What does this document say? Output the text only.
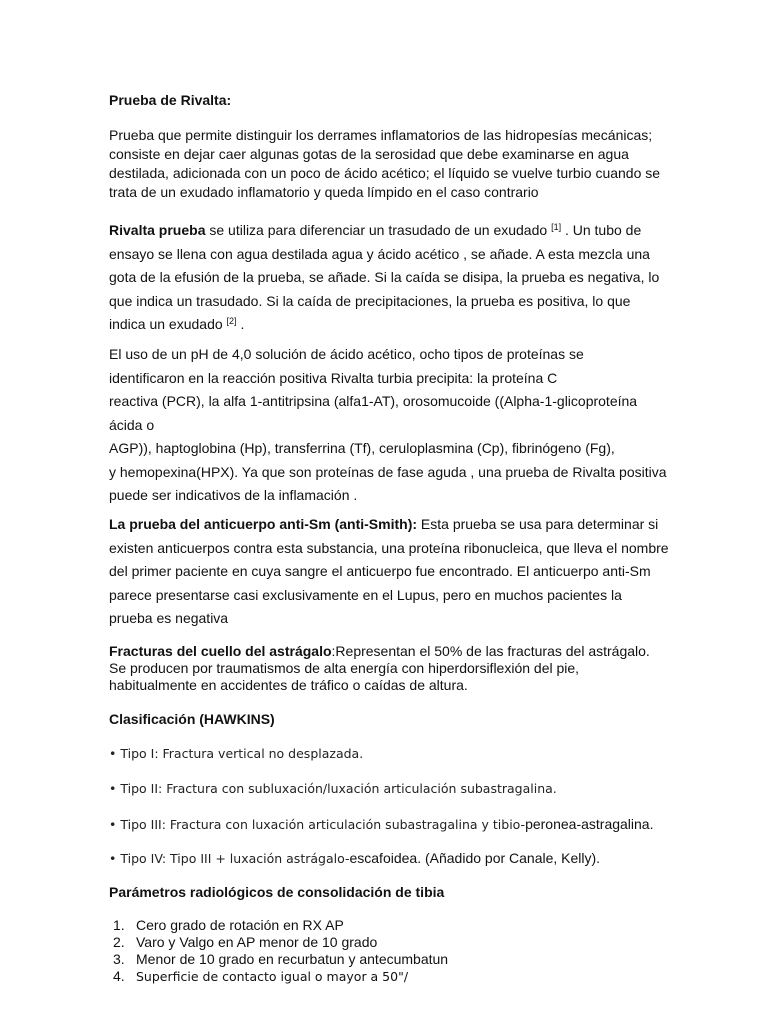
Prueba de Rivalta:

Prueba que permite distinguir los derrames inflamatorios de las hidropesías mecánicas; consiste en dejar caer algunas gotas de la serosidad que debe examinarse en agua destilada, adicionada con un poco de ácido acético; el líquido se vuelve turbio cuando se trata de un exudado inflamatorio y queda límpido en el caso contrario

Rivalta prueba se utiliza para diferenciar un trasudado de un exudado [1] . Un tubo de ensayo se llena con agua destilada agua y ácido acético , se añade. A esta mezcla una gota de la efusión de la prueba, se añade. Si la caída se disipa, la prueba es negativa, lo que indica un trasudado. Si la caída de precipitaciones, la prueba es positiva, lo que indica un exudado [2] .

El uso de un pH de 4,0 solución de ácido acético, ocho tipos de proteínas se
identificaron en la reacción positiva Rivalta turbia precipita: la proteína C
reactiva (PCR), la alfa 1-antitripsina (alfa1-AT), orosomucoide ((Alpha-1-glicoproteína ácida o
AGP)), haptoglobina (Hp), transferrina (Tf), ceruloplasmina (Cp), fibrinógeno (Fg),
y hemopexina(HPX). Ya que son proteínas de fase aguda , una prueba de Rivalta positiva puede ser indicativos de la inflamación .

La prueba del anticuerpo anti-Sm (anti-Smith): Esta prueba se usa para determinar si existen anticuerpos contra esta substancia, una proteína ribonucleica, que lleva el nombre del primer paciente en cuya sangre el anticuerpo fue encontrado. El anticuerpo anti-Sm parece presentarse casi exclusivamente en el Lupus, pero en muchos pacientes la prueba es negativa

Fracturas del cuello del astrágalo:Representan el 50% de las fracturas del astrágalo. Se producen por traumatismos de alta energía con hiperdorsiflexión del pie, habitualmente en accidentes de tráfico o caídas de altura.

Clasificación (HAWKINS)

• Tipo I: Fractura vertical no desplazada.
• Tipo II: Fractura con subluxación/luxación articulación subastragalina.
• Tipo III: Fractura con luxación articulación subastragalina y tibio-peronea-astragalina.
• Tipo IV: Tipo III + luxación astrágalo-escafoidea. (Añadido por Canale, Kelly).

Parámetros radiológicos de consolidación de tibia

1. Cero grado de rotación en RX AP
2. Varo y Valgo en AP menor de 10 grado
3. Menor de 10 grado en recurbatun y antecumbatun
4. Superficie de contacto igual o mayor a 50"/
